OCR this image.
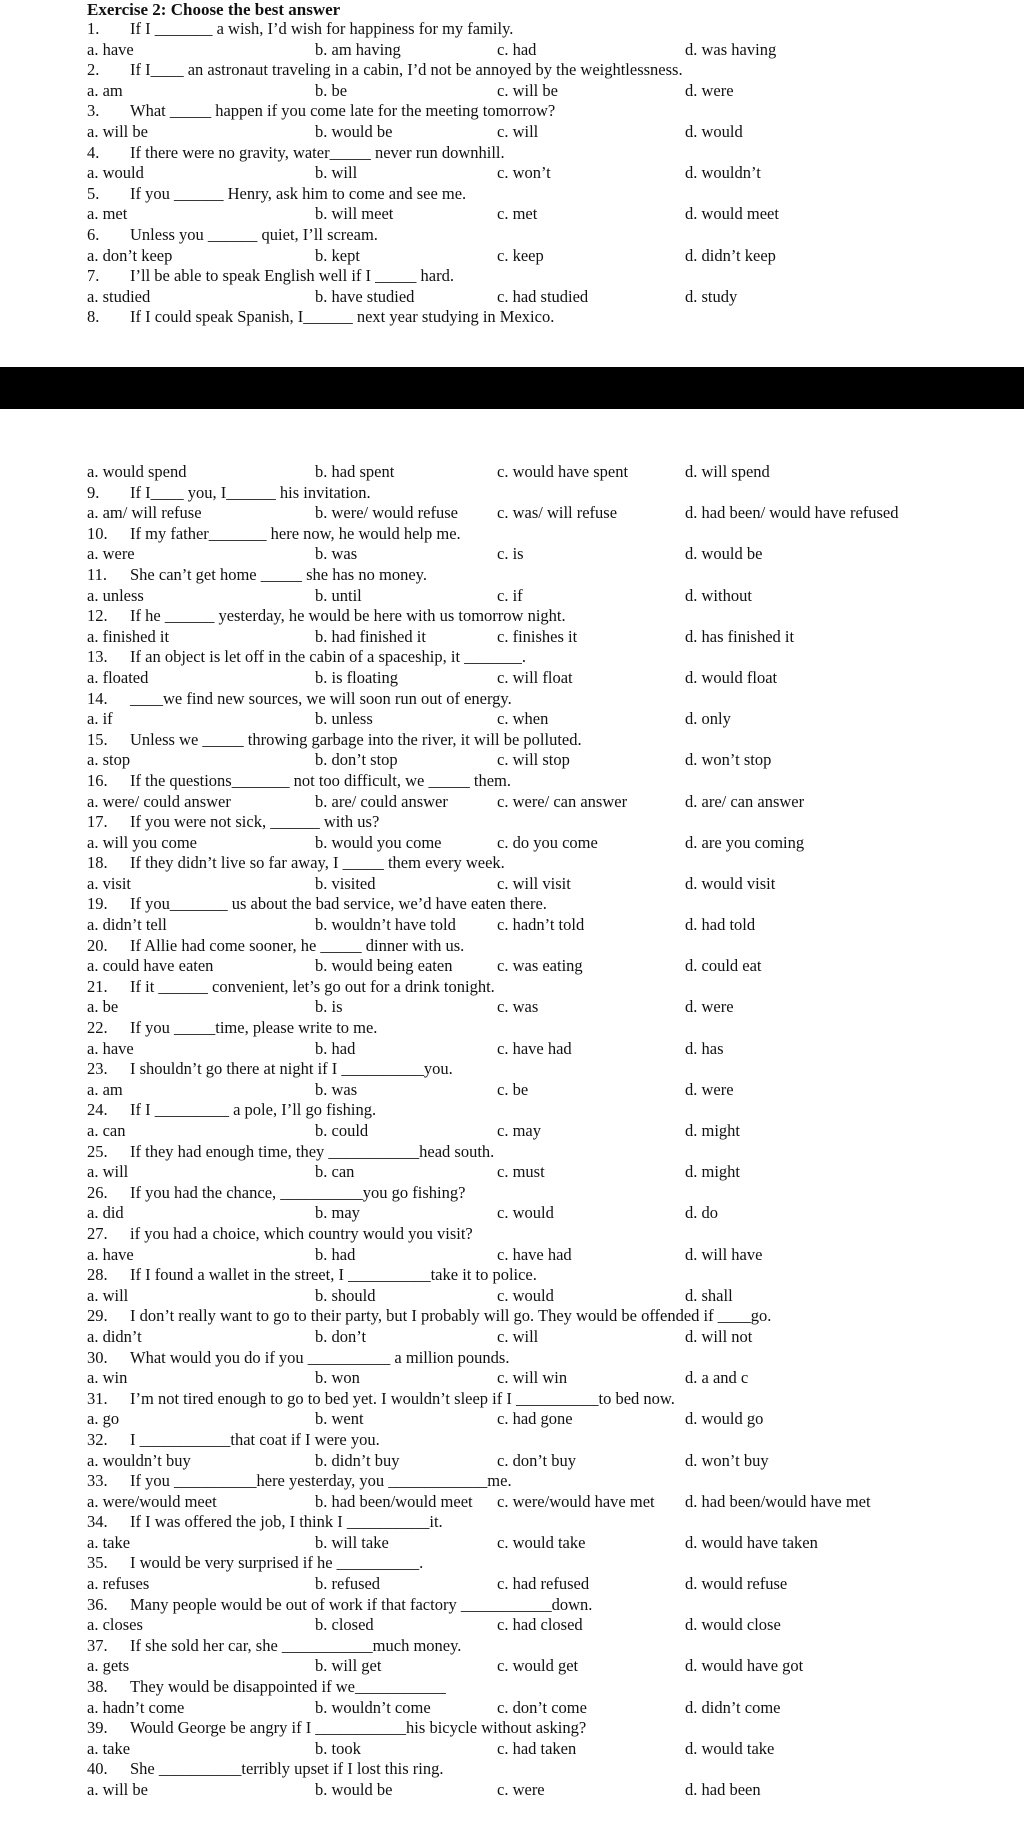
Exercise 2: Choose the best answer
1. If I _______ a wish, I’d wish for happiness for my family.
a. have	b. am having	c. had	d. was having
2. If I____ an astronaut traveling in a cabin, I’d not be annoyed by the weightlessness.
a. am	b. be	c. will be	d. were
3. What _____ happen if you come late for the meeting tomorrow?
a. will be	b. would be	c. will	d. would
4. If there were no gravity, water_____ never run downhill.
a. would	b. will	c. won’t	d. wouldn’t
5. If you ______ Henry, ask him to come and see me.
a. met	b. will meet	c. met	d. would meet
6. Unless you ______ quiet, I’ll scream.
a. don’t keep	b. kept	c. keep	d. didn’t keep
7. I’ll be able to speak English well if I _____ hard.
a. studied	b. have studied	c. had studied	d. study
8. If I could speak Spanish, I______ next year studying in Mexico.
a. would spend	b. had spent	c. would have spent	d. will spend
9. If I____ you, I______ his invitation.
a. am/ will refuse	b. were/ would refuse c. was/ will refuse	d. had been/ would have refused
10. If my father_______ here now, he would help me.
a. were	b. was	c. is	d. would be
11. She can’t get home _____ she has no money.
a. unless	b. until	c. if	d. without
12. If he ______ yesterday, he would be here with us tomorrow night.
a. finished it	b. had finished it	c. finishes it	d. has finished it
13. If an object is let off in the cabin of a spaceship, it _______.
a. floated	b. is floating	c. will float	d. would float
14. ____we find new sources, we will soon run out of energy.
a. if	b. unless	c. when	d. only
15. Unless we _____ throwing garbage into the river, it will be polluted.
a. stop	b. don’t stop	c. will stop	d. won’t stop
16. If the questions_______ not too difficult, we _____ them.
a. were/ could answer	b. are/ could answer	c. were/ can answer	d. are/ can answer
17. If you were not sick, ______ with us?
a. will you come	b. would you come	c. do you come	d. are you coming
18. If they didn’t live so far away, I _____ them every week.
a. visit	b. visited	c. will visit	d. would visit
19. If you_______ us about the bad service, we’d have eaten there.
a. didn’t tell	b. wouldn’t have told c. hadn’t told	d. had told
20. If Allie had come sooner, he _____ dinner with us.
a. could have eaten	b. would being eaten	c. was eating	d. could eat
21. If it ______ convenient, let’s go out for a drink tonight.
a. be	b. is	c. was	d. were
22. If you _____time, please write to me.
a. have	b. had	c. have had	d. has
23. I shouldn’t go there at night if I __________you.
a. am	b. was	c. be	d. were
24. If I _________ a pole, I’ll go fishing.
a. can	b. could	c. may	d. might
25. If they had enough time, they ___________head south.
a. will	b. can	c. must	d. might
26. If you had the chance, __________you go fishing?
a. did	b. may	c. would	d. do
27. if you had a choice, which country would you visit?
a. have	b. had	c. have had	d. will have
28. If I found a wallet in the street, I __________take it to police.
a. will	b. should	c. would	d. shall
29. I don’t really want to go to their party, but I probably will go. They would be offended if ____go.
a. didn’t	b. don’t	c. will	d. will not
30. What would you do if you __________ a million pounds.
a. win	b. won	c. will win	d. a and c
31. I’m not tired enough to go to bed yet. I wouldn’t sleep if I __________to bed now.
a. go	b. went	c. had gone	d. would go
32. I ___________that coat if I were you.
a. wouldn’t buy	b. didn’t buy	c. don’t buy	d. won’t buy
33. If you __________here yesterday, you ____________me.
a. were/would meet	b. had been/would meet c. were/would have met d. had been/would have met
34. If I was offered the job, I think I __________it.
a. take	b. will take	c. would take	d. would have taken
35. I would be very surprised if he __________.
a. refuses	b. refused	c. had refused	d. would refuse
36. Many people would be out of work if that factory ___________down.
a. closes	b. closed	c. had closed	d. would close
37. If she sold her car, she ___________much money.
a. gets	b. will get	c. would get	d. would have got
38. They would be disappointed if we___________
a. hadn’t come	b. wouldn’t come	c. don’t come	d. didn’t come
39. Would George be angry if I ___________his bicycle without asking?
a. take	b. took	c. had taken	d. would take
40. She __________terribly upset if I lost this ring.
a. will be	b. would be	c. were	d. had been
